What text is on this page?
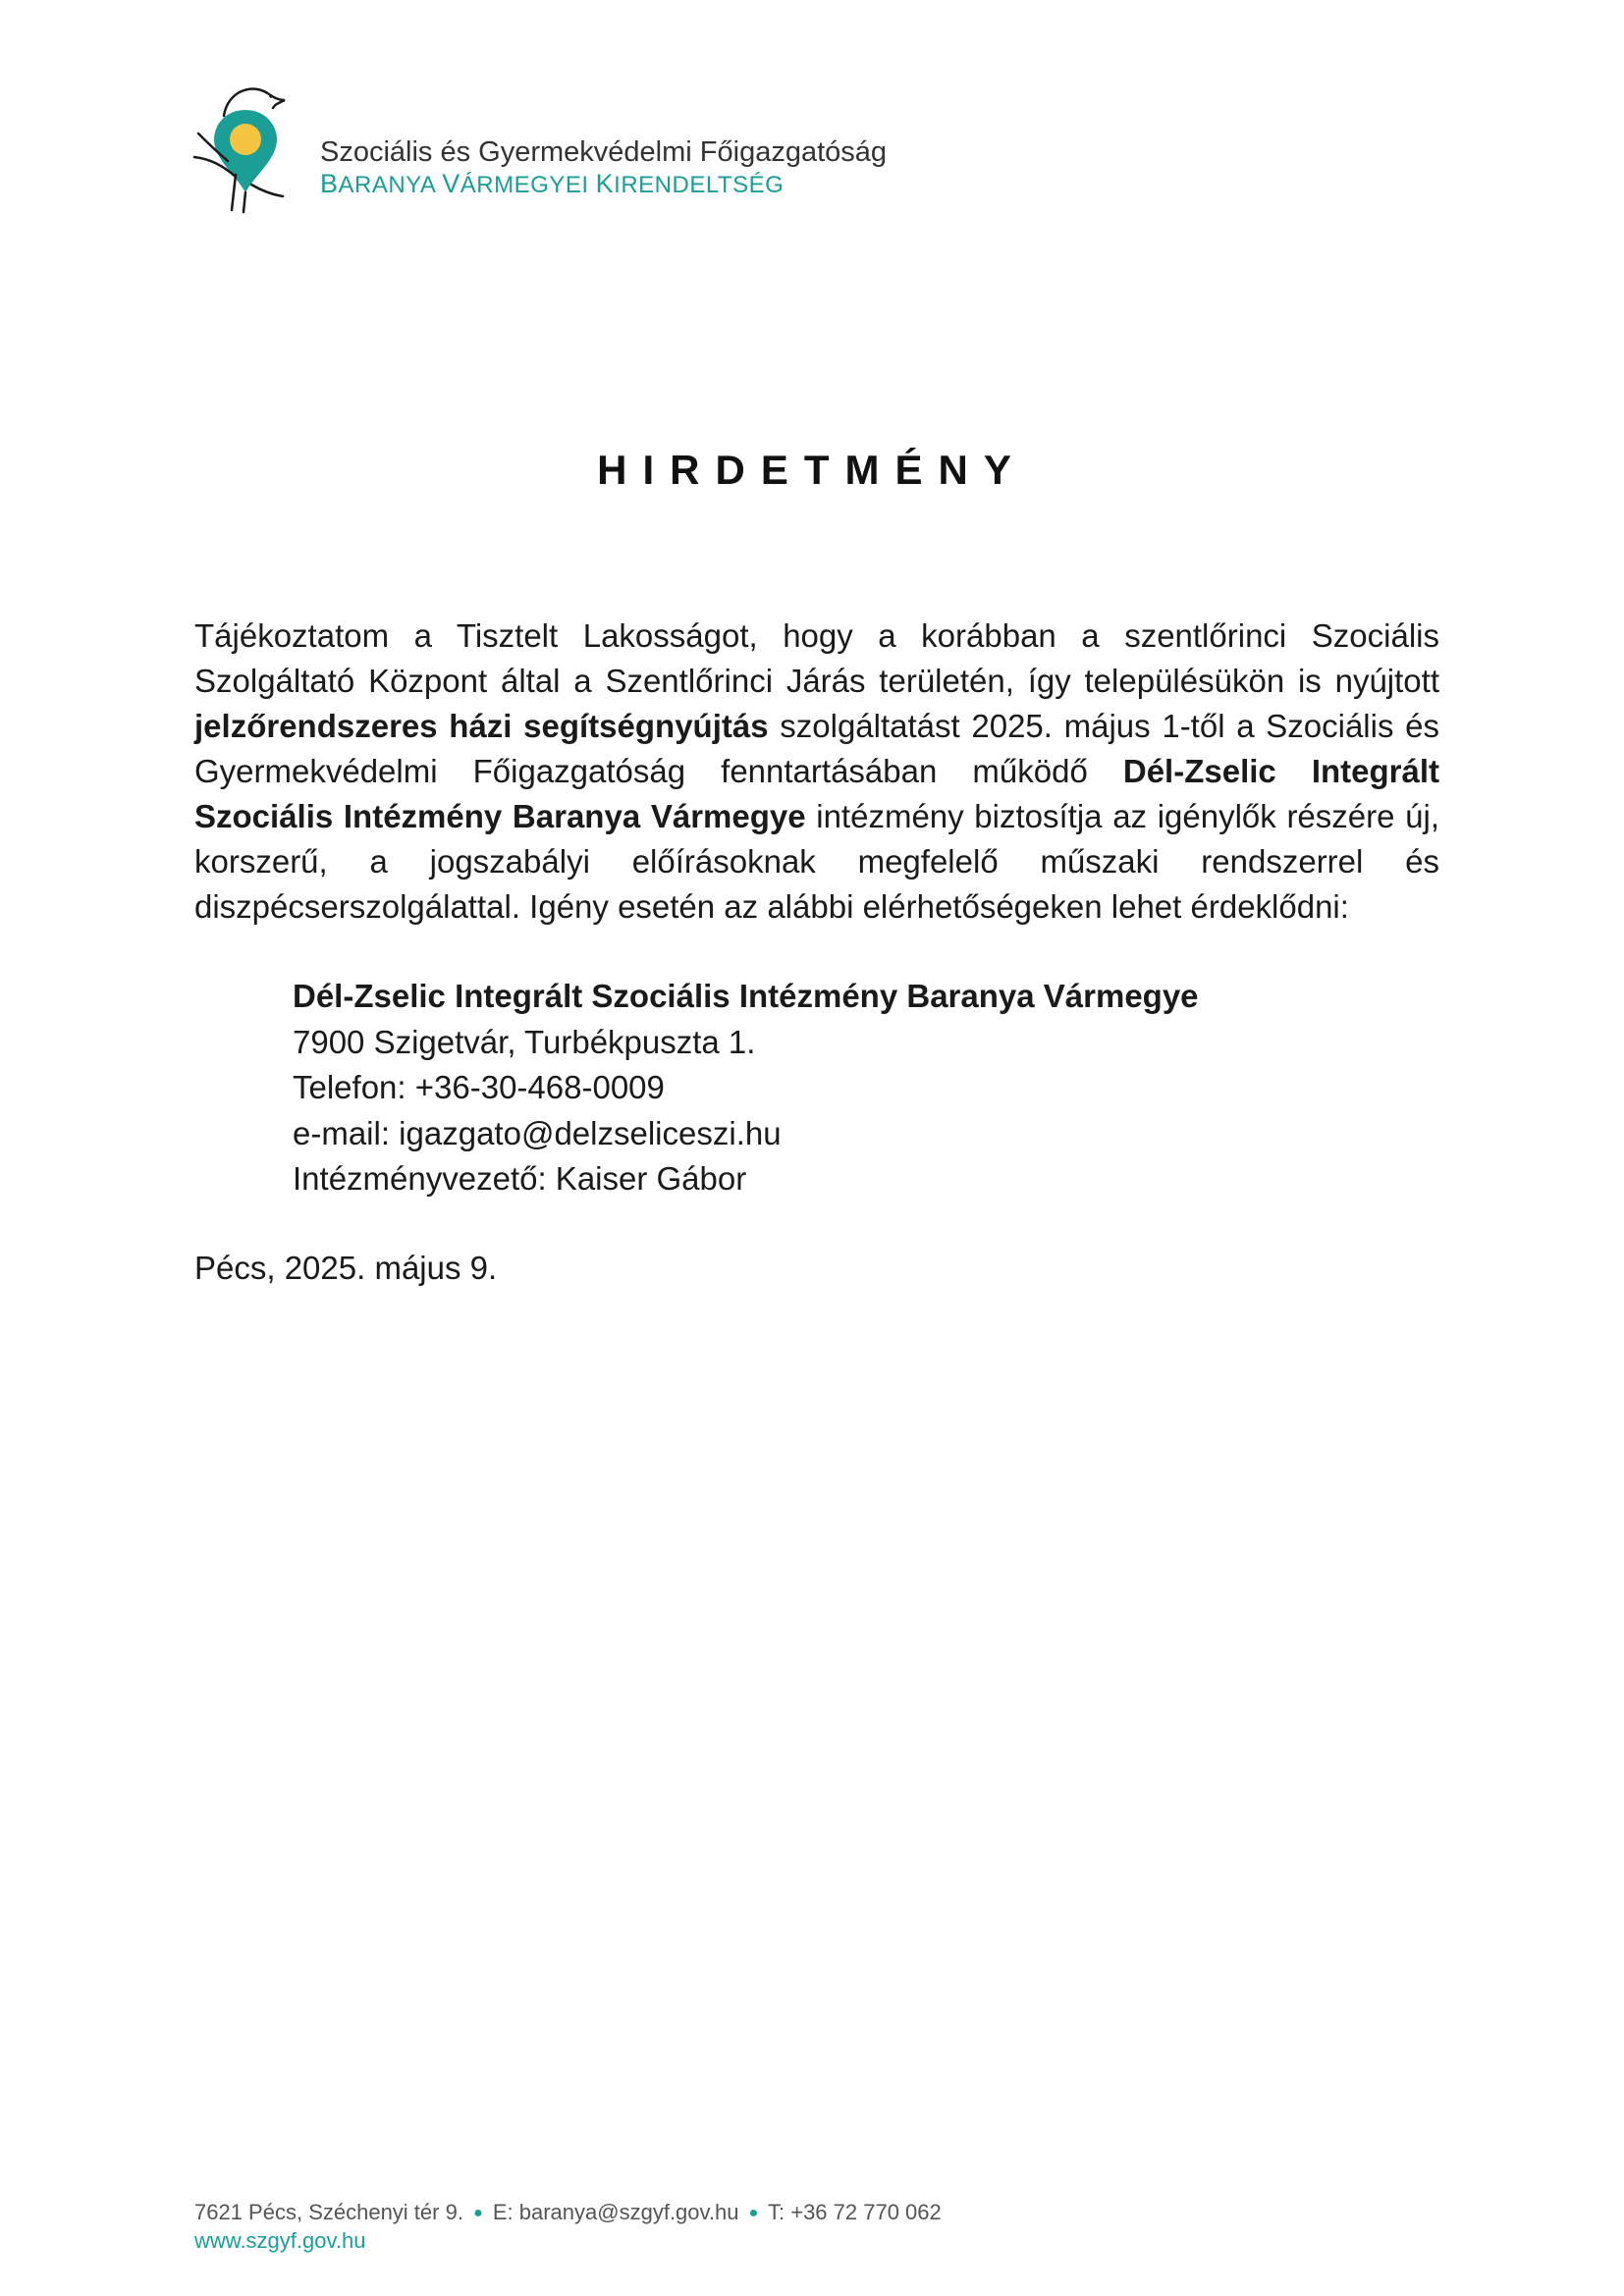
Szociális és Gyermekvédelmi Főigazgatóság
BARANYA VÁRMEGYEI KIRENDELTSÉG
HIRDETMÉNY
Tájékoztatom a Tisztelt Lakosságot, hogy a korábban a szentlőrinci Szociális Szolgáltató Központ által a Szentlőrinci Járás területén, így településükön is nyújtott jelzőrendszeres házi segítségnyújtás szolgáltatást 2025. május 1-től a Szociális és Gyermekvédelmi Főigazgatóság fenntartásában működő Dél-Zselic Integrált Szociális Intézmény Baranya Vármegye intézmény biztosítja az igénylők részére új, korszerű, a jogszabályi előírásoknak megfelelő műszaki rendszerrel és diszpécserszolgálattal. Igény esetén az alábbi elérhetőségeken lehet érdeklődni:
Dél-Zselic Integrált Szociális Intézmény Baranya Vármegye
7900 Szigetvár, Turbékpuszta 1.
Telefon: +36-30-468-0009
e-mail: igazgato@delzseliceszi.hu
Intézményvezető: Kaiser Gábor
Pécs, 2025. május 9.
7621 Pécs, Széchenyi tér 9. ● E: baranya@szgyf.gov.hu ● T: +36 72 770 062
www.szgyf.gov.hu
